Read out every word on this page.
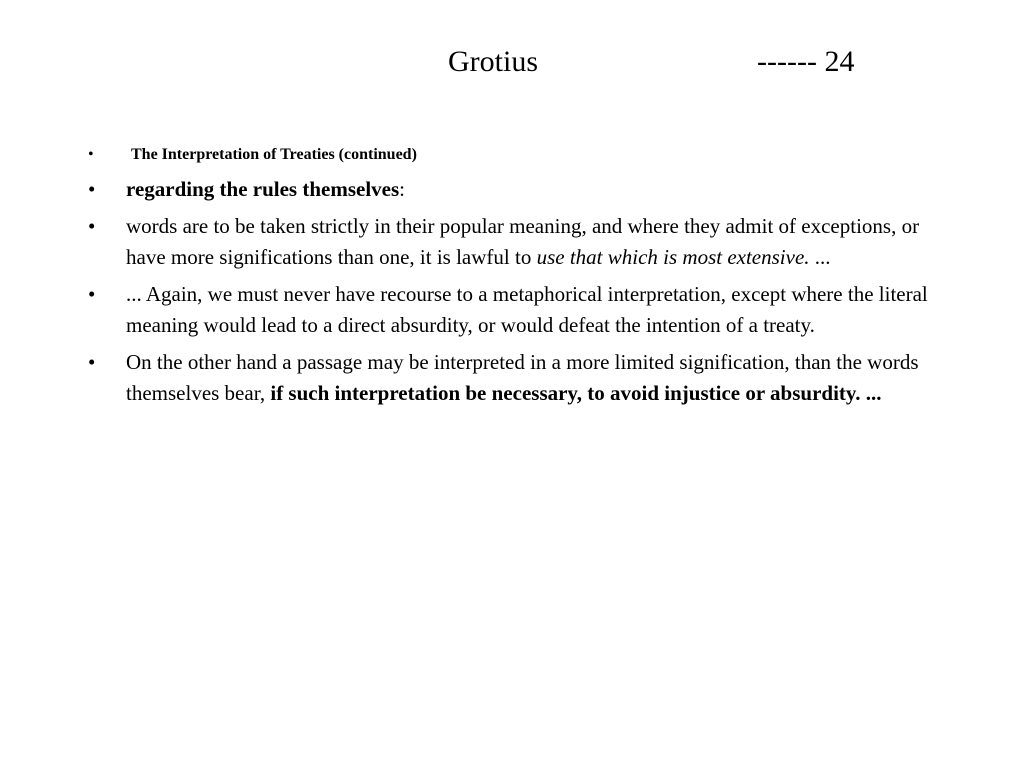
Grotius	------ 24
• The Interpretation of Treaties (continued)
• regarding the rules themselves:
• words are to be taken strictly in their popular meaning, and where they admit of exceptions, or have more significations than one, it is lawful to use that which is most extensive. ...
• ... Again, we must never have recourse to a metaphorical interpretation, except where the literal meaning would lead to a direct absurdity, or would defeat the intention of a treaty.
• On the other hand a passage may be interpreted in a more limited signification, than the words themselves bear, if such interpretation be necessary, to avoid injustice or absurdity. ...
